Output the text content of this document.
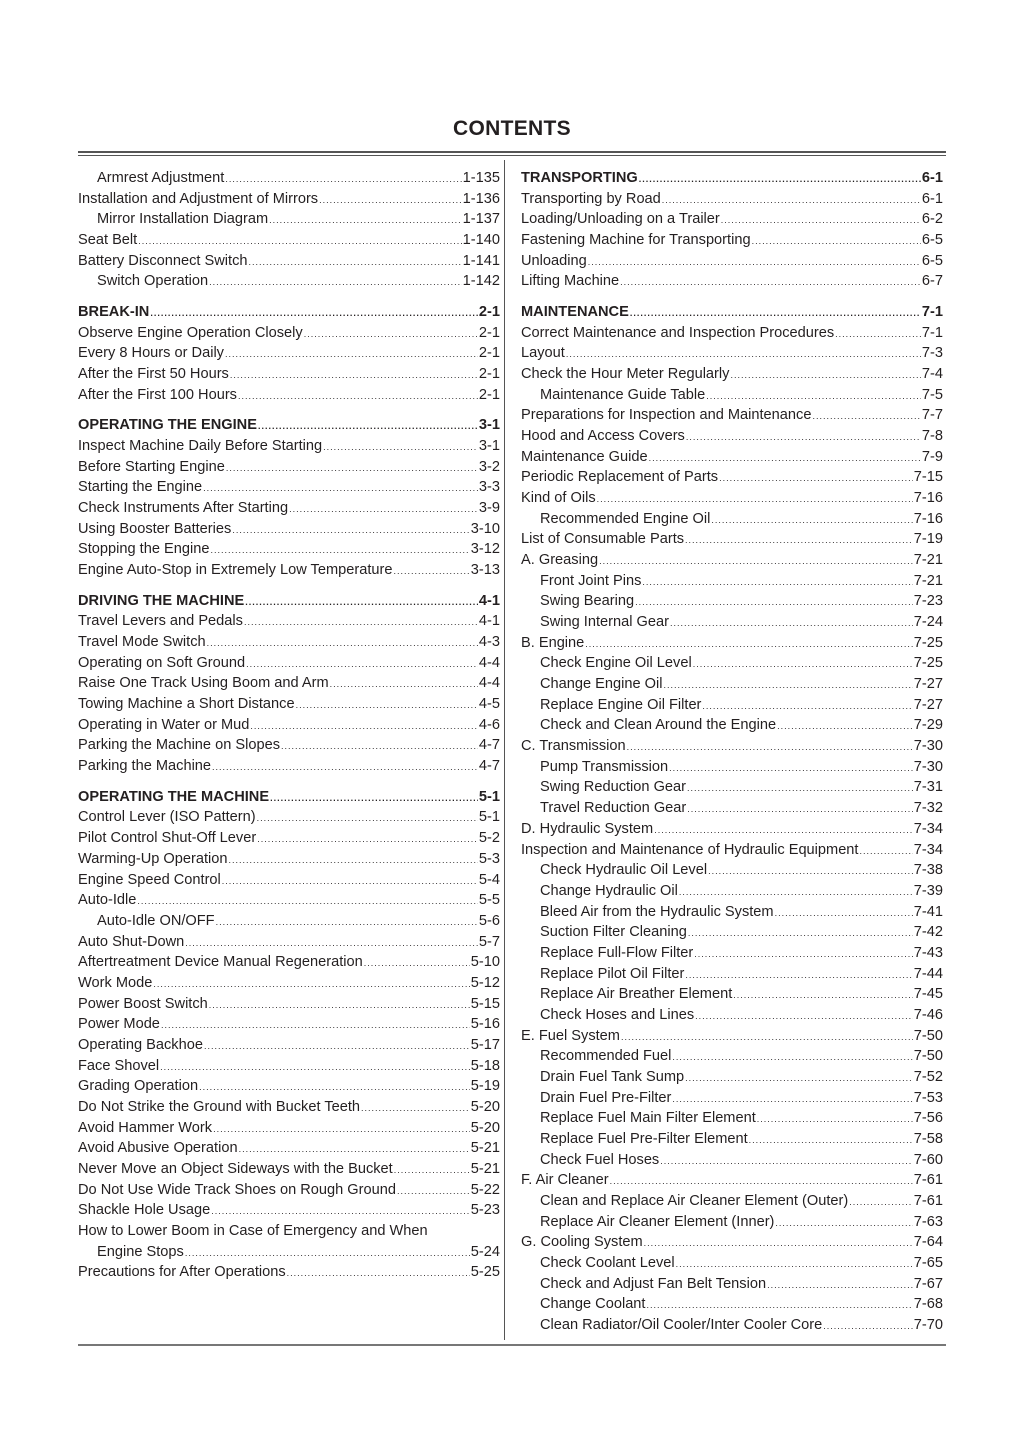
CONTENTS
Armrest Adjustment .....	1-135
Installation and Adjustment of Mirrors .....	1-136
Mirror Installation Diagram .....	1-137
Seat Belt .....	1-140
Battery Disconnect Switch .....	1-141
Switch Operation .....	1-142
BREAK-IN .....	2-1
Observe Engine Operation Closely .....	2-1
Every 8 Hours or Daily .....	2-1
After the First 50 Hours .....	2-1
After the First 100 Hours .....	2-1
OPERATING THE ENGINE .....	3-1
Inspect Machine Daily Before Starting .....	3-1
Before Starting Engine .....	3-2
Starting the Engine .....	3-3
Check Instruments After Starting .....	3-9
Using Booster Batteries .....	3-10
Stopping the Engine .....	3-12
Engine Auto-Stop in Extremely Low Temperature .....	3-13
DRIVING THE MACHINE .....	4-1
Travel Levers and Pedals .....	4-1
Travel Mode Switch .....	4-3
Operating on Soft Ground .....	4-4
Raise One Track Using Boom and Arm .....	4-4
Towing Machine a Short Distance .....	4-5
Operating in Water or Mud .....	4-6
Parking the Machine on Slopes .....	4-7
Parking the Machine .....	4-7
OPERATING THE MACHINE .....	5-1
Control Lever (ISO Pattern) .....	5-1
Pilot Control Shut-Off Lever .....	5-2
Warming-Up Operation .....	5-3
Engine Speed Control .....	5-4
Auto-Idle .....	5-5
Auto-Idle ON/OFF .....	5-6
Auto Shut-Down .....	5-7
Aftertreatment Device Manual Regeneration .....	5-10
Work Mode .....	5-12
Power Boost Switch .....	5-15
Power Mode .....	5-16
Operating Backhoe .....	5-17
Face Shovel .....	5-18
Grading Operation .....	5-19
Do Not Strike the Ground with Bucket Teeth .....	5-20
Avoid Hammer Work .....	5-20
Avoid Abusive Operation .....	5-21
Never Move an Object Sideways with the Bucket .....	5-21
Do Not Use Wide Track Shoes on Rough Ground .....	5-22
Shackle Hole Usage .....	5-23
How to Lower Boom in Case of Emergency and When
Engine Stops .....	5-24
Precautions for After Operations .....	5-25
TRANSPORTING .....	6-1
Transporting by Road .....	6-1
Loading/Unloading on a Trailer .....	6-2
Fastening Machine for Transporting .....	6-5
Unloading .....	6-5
Lifting Machine .....	6-7
MAINTENANCE .....	7-1
Correct Maintenance and Inspection Procedures .....	7-1
Layout .....	7-3
Check the Hour Meter Regularly .....	7-4
Maintenance Guide Table .....	7-5
Preparations for Inspection and Maintenance .....	7-7
Hood and Access Covers .....	7-8
Maintenance Guide .....	7-9
Periodic Replacement of Parts .....	7-15
Kind of Oils .....	7-16
Recommended Engine Oil .....	7-16
List of Consumable Parts .....	7-19
A. Greasing .....	7-21
Front Joint Pins .....	7-21
Swing Bearing .....	7-23
Swing Internal Gear .....	7-24
B. Engine .....	7-25
Check Engine Oil Level .....	7-25
Change Engine Oil .....	7-27
Replace Engine Oil Filter .....	7-27
Check and Clean Around the Engine .....	7-29
C. Transmission .....	7-30
Pump Transmission .....	7-30
Swing Reduction Gear .....	7-31
Travel Reduction Gear .....	7-32
D. Hydraulic System .....	7-34
Inspection and Maintenance of Hydraulic Equipment .....	7-34
Check Hydraulic Oil Level .....	7-38
Change Hydraulic Oil .....	7-39
Bleed Air from the Hydraulic System .....	7-41
Suction Filter Cleaning .....	7-42
Replace Full-Flow Filter .....	7-43
Replace Pilot Oil Filter .....	7-44
Replace Air Breather Element .....	7-45
Check Hoses and Lines .....	7-46
E. Fuel System .....	7-50
Recommended Fuel .....	7-50
Drain Fuel Tank Sump .....	7-52
Drain Fuel Pre-Filter .....	7-53
Replace Fuel Main Filter Element .....	7-56
Replace Fuel Pre-Filter Element .....	7-58
Check Fuel Hoses .....	7-60
F. Air Cleaner .....	7-61
Clean and Replace Air Cleaner Element (Outer) .....	7-61
Replace Air Cleaner Element (Inner) .....	7-63
G. Cooling System .....	7-64
Check Coolant Level .....	7-65
Check and Adjust Fan Belt Tension .....	7-67
Change Coolant .....	7-68
Clean Radiator/Oil Cooler/Inter Cooler Core .....	7-70
